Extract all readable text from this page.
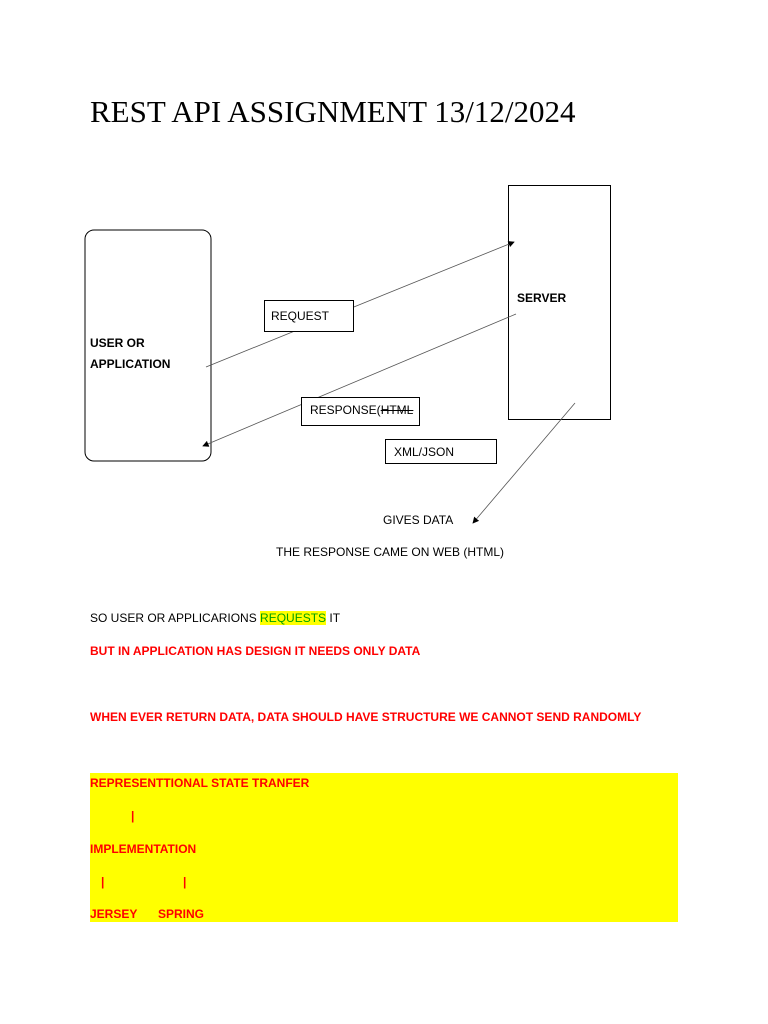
REST API ASSIGNMENT 13/12/2024
USER OR
APPLICATION
SERVER
REQUEST
RESPONSE(HTML
XML/JSON
GIVES DATA
THE RESPONSE CAME ON WEB (HTML)
SO USER OR APPLICARIONS REQUESTS IT
BUT IN APPLICATION HAS DESIGN IT NEEDS ONLY DATA
WHEN EVER RETURN DATA, DATA SHOULD HAVE STRUCTURE WE CANNOT SEND RANDOMLY
REPRESENTTIONAL STATE TRANFER
|
IMPLEMENTATION
|	|
JERSEY SPRING
